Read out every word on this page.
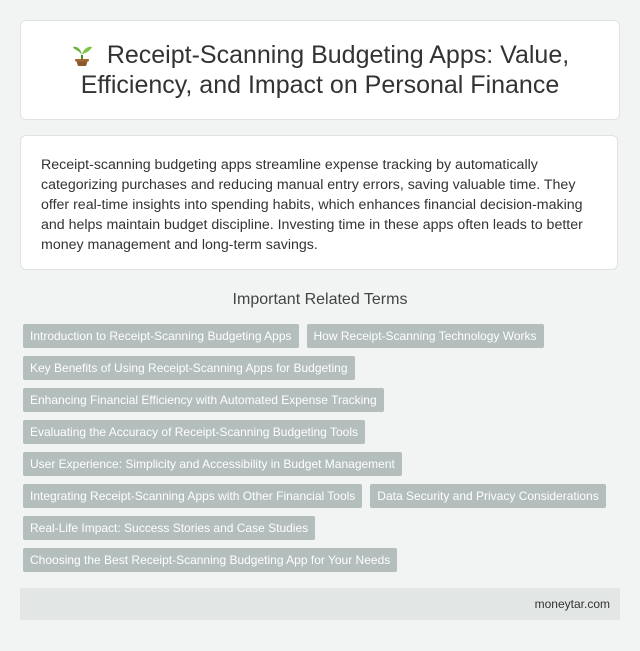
Receipt-Scanning Budgeting Apps: Value, Efficiency, and Impact on Personal Finance

Receipt-scanning budgeting apps streamline expense tracking by automatically categorizing purchases and reducing manual entry errors, saving valuable time. They offer real-time insights into spending habits, which enhances financial decision-making and helps maintain budget discipline. Investing time in these apps often leads to better money management and long-term savings.

Important Related Terms
Introduction to Receipt-Scanning Budgeting Apps	How Receipt-Scanning Technology Works
Key Benefits of Using Receipt-Scanning Apps for Budgeting
Enhancing Financial Efficiency with Automated Expense Tracking
Evaluating the Accuracy of Receipt-Scanning Budgeting Tools
User Experience: Simplicity and Accessibility in Budget Management
Integrating Receipt-Scanning Apps with Other Financial Tools	Data Security and Privacy Considerations
Real-Life Impact: Success Stories and Case Studies
Choosing the Best Receipt-Scanning Budgeting App for Your Needs
moneytar.com
